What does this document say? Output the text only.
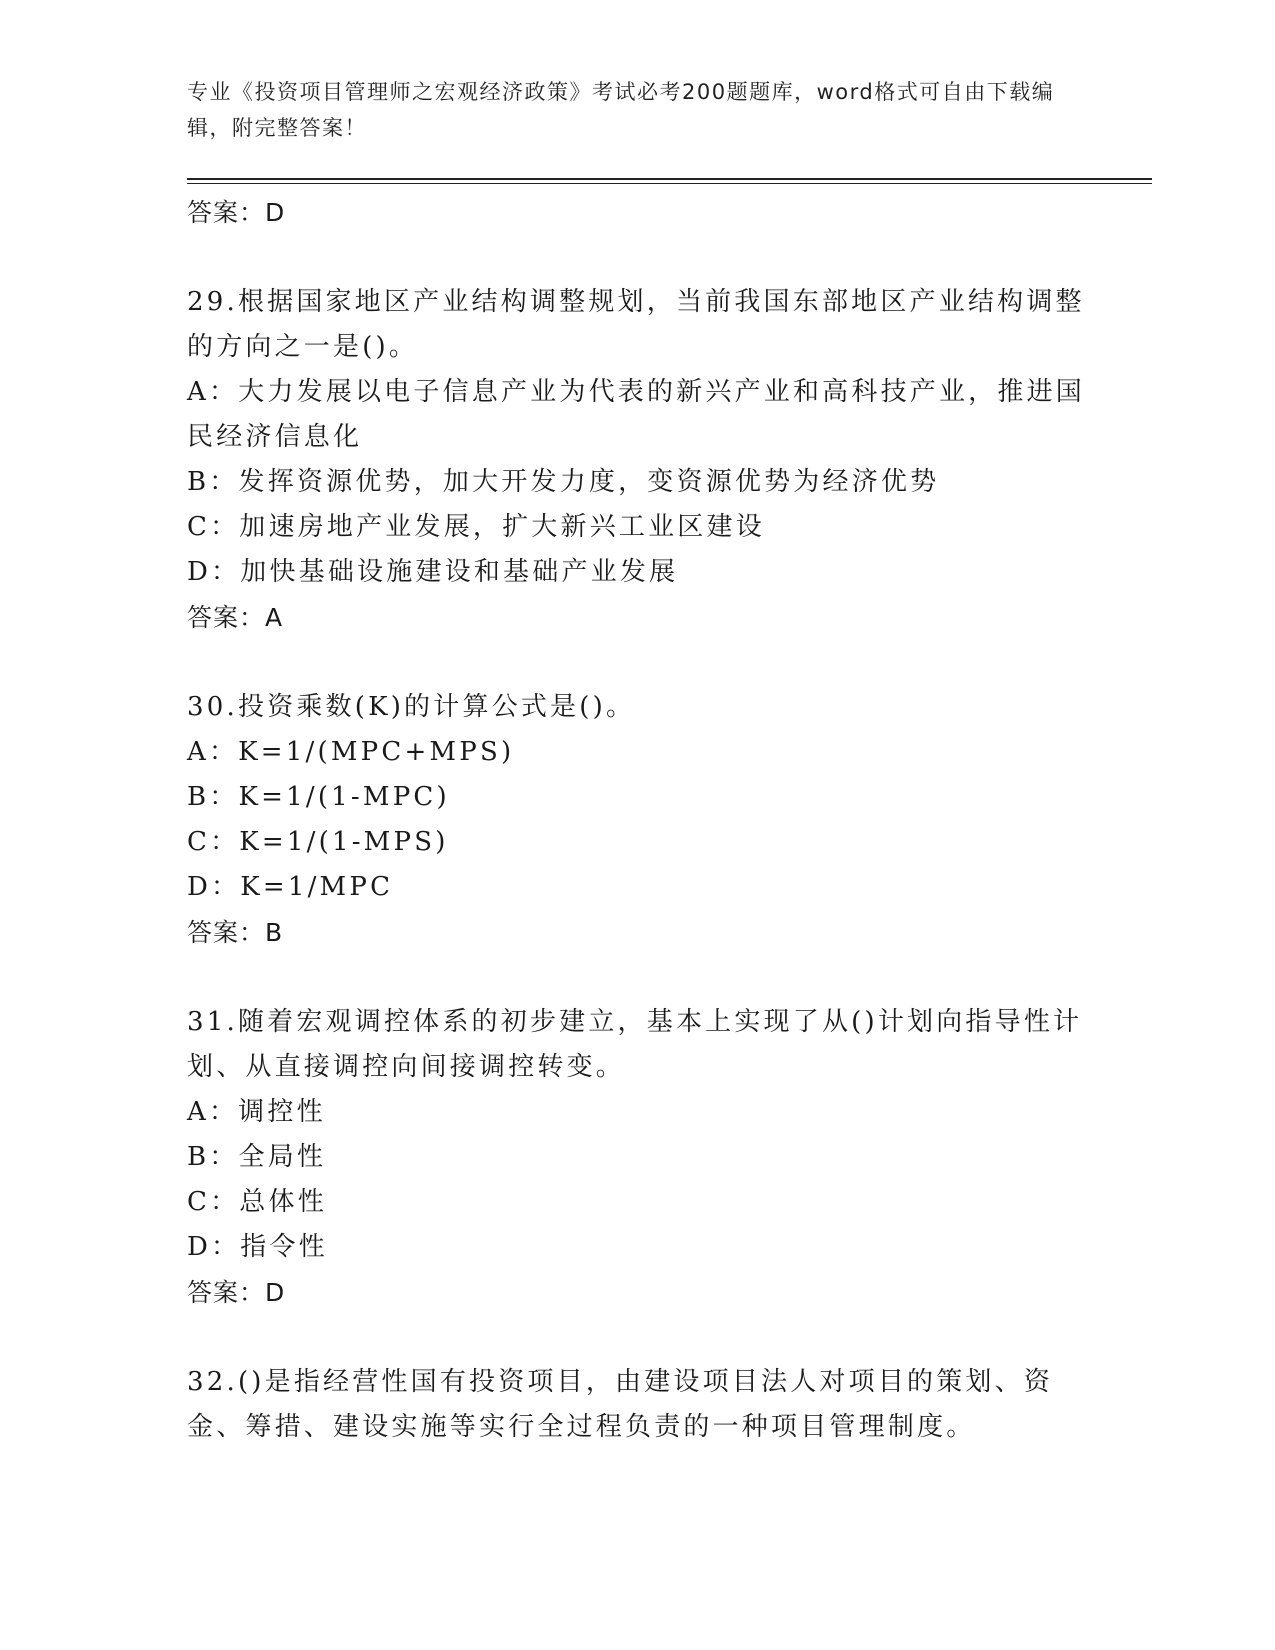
专业《投资项目管理师之宏观经济政策》考试必考200题题库，word格式可自由下载编辑，附完整答案！
答案：D
29.根据国家地区产业结构调整规划，当前我国东部地区产业结构调整的方向之一是()。
A：大力发展以电子信息产业为代表的新兴产业和高科技产业，推进国民经济信息化
B：发挥资源优势，加大开发力度，变资源优势为经济优势
C：加速房地产业发展，扩大新兴工业区建设
D：加快基础设施建设和基础产业发展
答案：A
30.投资乘数(K)的计算公式是()。
A：K=1/(MPC+MPS)
B：K=1/(1-MPC)
C：K=1/(1-MPS)
D：K=1/MPC
答案：B
31.随着宏观调控体系的初步建立，基本上实现了从()计划向指导性计划、从直接调控向间接调控转变。
A：调控性
B：全局性
C：总体性
D：指令性
答案：D
32.()是指经营性国有投资项目，由建设项目法人对项目的策划、资金、筹措、建设实施等实行全过程负责的一种项目管理制度。
